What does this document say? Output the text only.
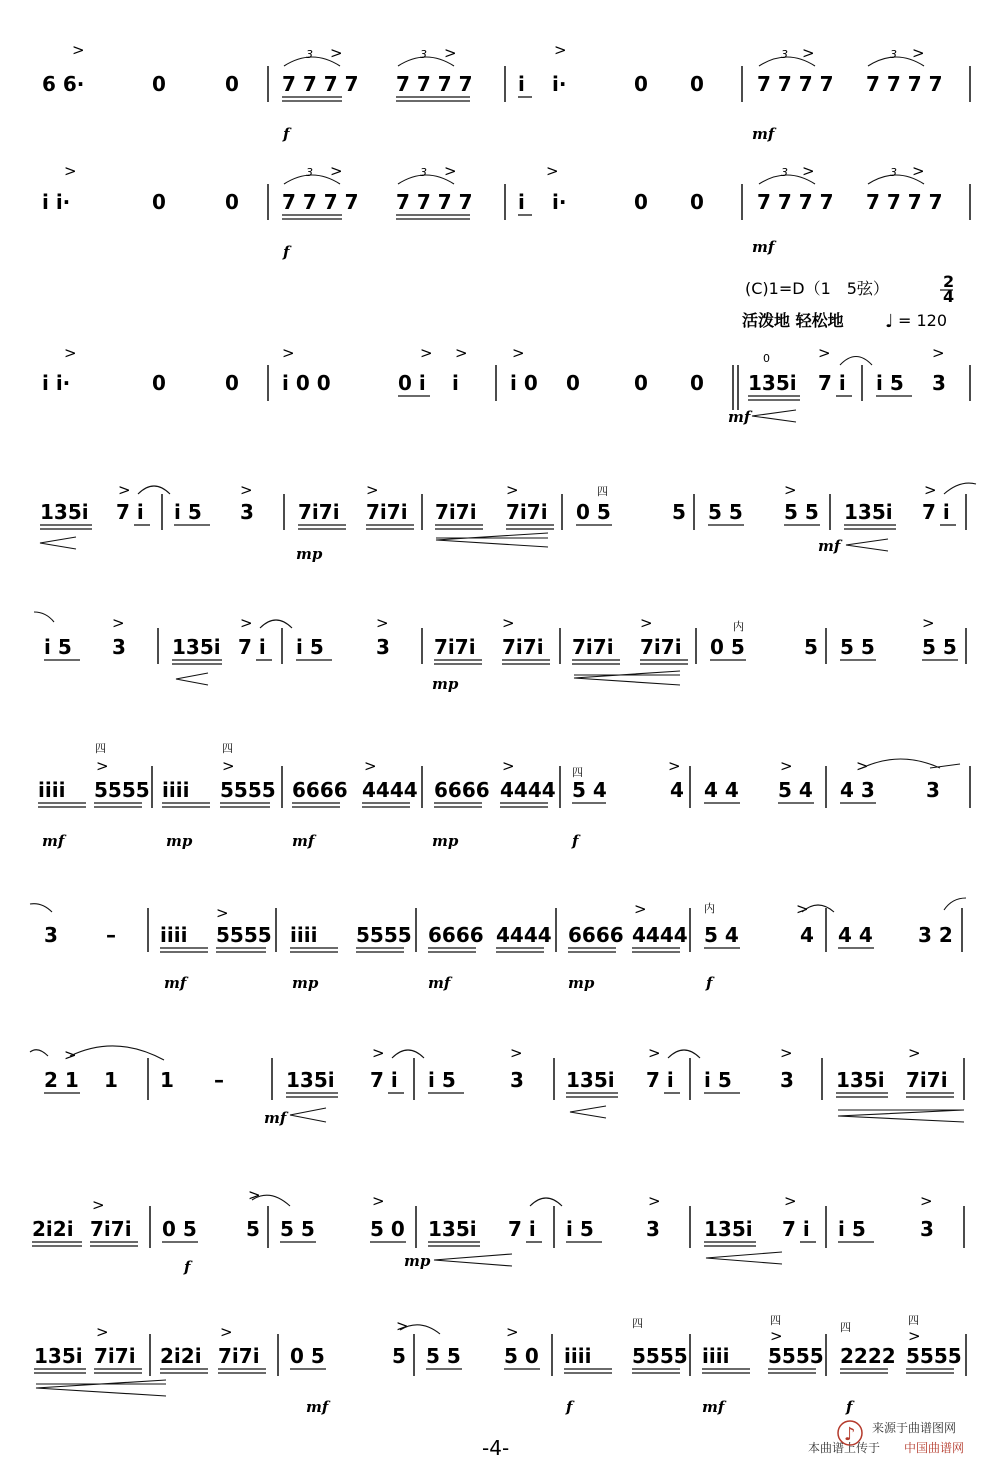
(C)1=D（1　5弦）	2
4
活泼地 轻松地 ♩ = 120
6 6·
>
0	0 7 7 7 7 7 7 7 7
3	3
>	>
i i·
>
0 0	7 7 7 7 7 7 7 7
3	3
>	>
f	mf
i i·
>
0	0 7 7 7 7 7 7 7 7
3	3
>	>
i i·
>
0 0	7 7 7 7 7 7 7 7
3	3
>	>
f	mf
i i·
>
0	0 i 0 0
>
0 i
>
i
>
i 0
>
0	0 0
0
135i 7 i
>
i 5 3
>
mf
135i 7 i
>
i 5 3
>
7i7i 7i7i
>
7i7i 7i7i
>	四
0 5	5 5 5 5 5
>
135i 7 i
>
mp	mf
i 5 3
>
135i 7 i
>
i 5	3
>
7i7i 7i7i
>
7i7i 7i7i
>	内
0 5	5 5 5 5 5
>
mp
iiii
四
>
5555 iiii
四
>
5555 6666
>
4444 6666
>
4444
四
5 4
>
4 4 4
>
5 4
>
4 3	3
mf	mp	mf	mp	f
3 – iiii
>
5555 iiii 5555 6666 4444 6666
>
4444
内
5 4
>
4 4 4 3 2
mf	mp	mf	mp	f
>
2 1 1 1 –	135i
>
7 i i 5
>
3 135i
>
7 i i 5
>
3 135i
>
7i7i
mf
2i2i
>
7i7i 0 5
>
5 5 5
>
5 0 135i 7 i i 5
>
3 135i
>
7 i i 5
>
3
f	mp
135i
>
7i7i 2i2i
>
7i7i 0 5
>
5 5 5
>
5 0 iiii
四
5555 iiii
四
>
5555
四
2222
四
>
5555
mf	f	mf	f
-4-	本曲谱上传于
♪ 来源于曲谱图网
中国曲谱网
